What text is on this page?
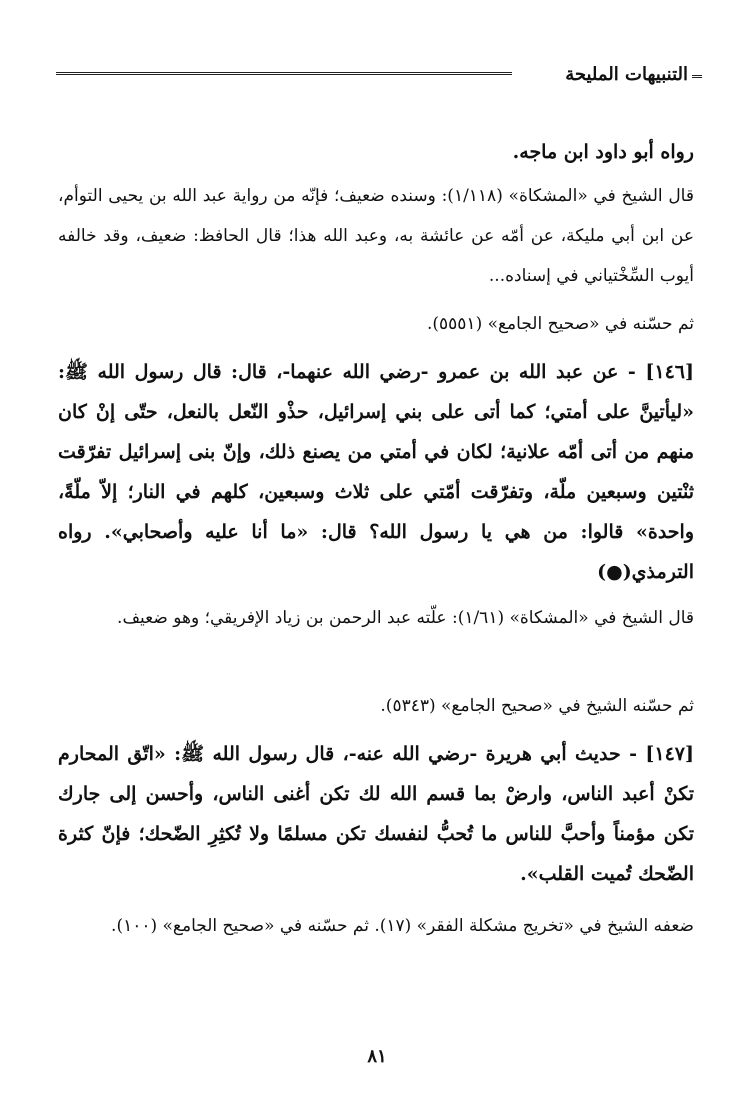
التنبيهات المليحة

رواه أبو داود ابن ماجه.

قال الشيخ في «المشكاة» (١/١١٨): وسنده ضعيف؛ فإنّه من رواية عبد الله بن يحيى التوأم، عن ابن أبي مليكة، عن أمّه عن عائشة به، وعبد الله هذا؛ قال الحافظ: ضعيف، وقد خالفه أيوب السِّخْتياني في إسناده...

ثم حسّنه في «صحيح الجامع» (٥٥٥١).

[١٤٦] - عن عبد الله بن عمرو -رضي الله عنهما-، قال: قال رسول الله ﷺ: «ليأتينَّ على أمتي؛ كما أتى على بني إسرائيل، حذْو النّعل بالنعل، حتّى إنْ كان منهم من أتى أمّه علانية؛ لكان في أمتي من يصنع ذلك، وإنّ بنى إسرائيل تفرّقت ثنْتين وسبعين ملّة، وتفرّقت أمّتي على ثلاث وسبعين، كلهم في النار؛ إلاّ ملّةً، واحدة» قالوا: من هي يا رسول الله؟ قال: «ما أنا عليه وأصحابي». رواه الترمذي(●)

قال الشيخ في «المشكاة» (١/٦١): علّته عبد الرحمن بن زياد الإفريقي؛ وهو ضعيف.

ثم حسّنه الشيخ في «صحيح الجامع» (٥٣٤٣).

[١٤٧] - حديث أبي هريرة -رضي الله عنه-، قال رسول الله ﷺ: «اتّق المحارم تكنْ أعبد الناس، وارضْ بما قسم الله لك تكن أغنى الناس، وأحسن إلى جارك تكن مؤمناً وأحبَّ للناس ما تُحبُّ لنفسك تكن مسلمًا ولا تُكثِرِ الضّحك؛ فإنّ كثرة الضّحك تُميت القلب».

ضعفه الشيخ في «تخريج مشكلة الفقر» (١٧). ثم حسّنه في «صحيح الجامع» (١٠٠).

٨١
